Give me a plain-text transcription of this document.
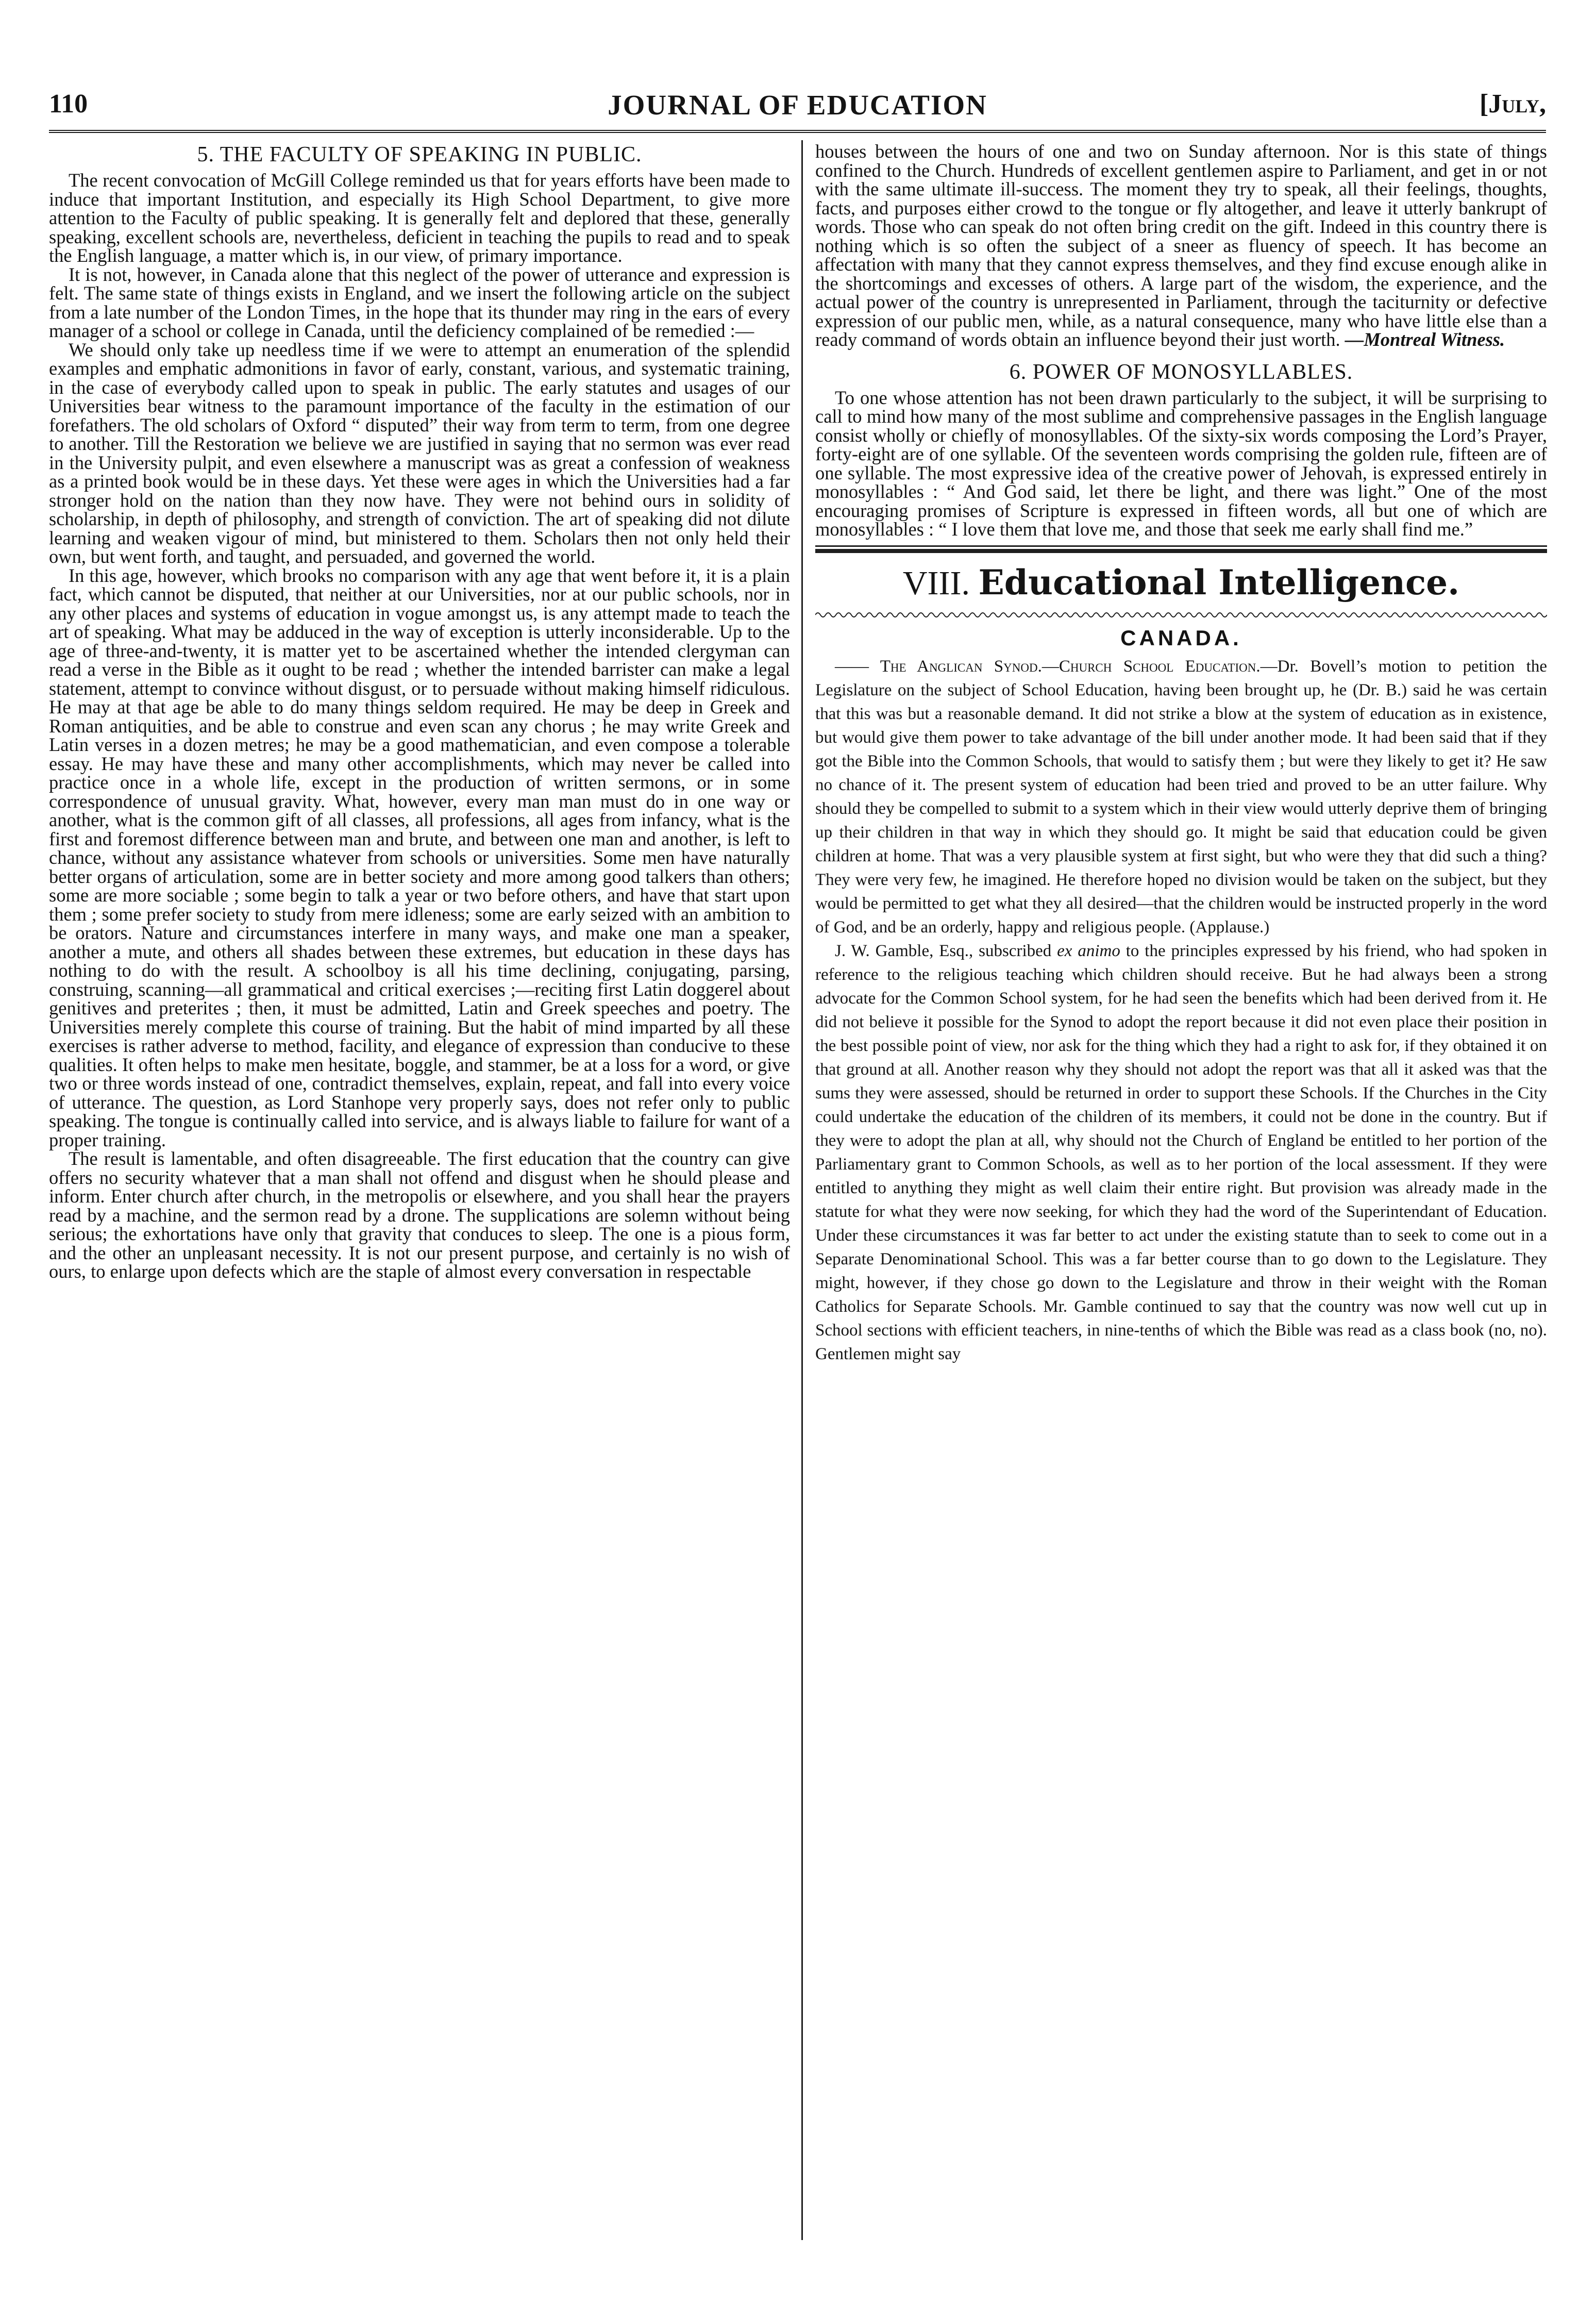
110	JOURNAL OF EDUCATION	[July,
5. THE FACULTY OF SPEAKING IN PUBLIC.

The recent convocation of McGill College reminded us that for years efforts have been made to induce that important Institution, and especially its High School Department, to give more attention to the Faculty of public speaking. It is generally felt and deplored that these, generally speaking, excellent schools are, nevertheless, deficient in teaching the pupils to read and to speak the English language, a matter which is, in our view, of primary importance.

It is not, however, in Canada alone that this neglect of the power of utterance and expression is felt. The same state of things exists in England, and we insert the following article on the subject from a late number of the London Times, in the hope that its thunder may ring in the ears of every manager of a school or college in Canada, until the deficiency complained of be remedied :—

We should only take up needless time if we were to attempt an enumeration of the splendid examples and emphatic admonitions in favor of early, constant, various, and systematic training, in the case of everybody called upon to speak in public. The early statutes and usages of our Universities bear witness to the paramount importance of the faculty in the estimation of our forefathers. The old scholars of Oxford “ disputed” their way from term to term, from one degree to another. Till the Restoration we believe we are justified in saying that no sermon was ever read in the University pulpit, and even elsewhere a manuscript was as great a confession of weakness as a printed book would be in these days. Yet these were ages in which the Universities had a far stronger hold on the nation than they now have. They were not behind ours in solidity of scholarship, in depth of philosophy, and strength of conviction. The art of speaking did not dilute learning and weaken vigour of mind, but ministered to them. Scholars then not only held their own, but went forth, and taught, and persuaded, and governed the world.

In this age, however, which brooks no comparison with any age that went before it, it is a plain fact, which cannot be disputed, that neither at our Universities, nor at our public schools, nor in any other places and systems of education in vogue amongst us, is any attempt made to teach the art of speaking. What may be adduced in the way of exception is utterly inconsiderable. Up to the age of three-and-twenty, it is matter yet to be ascertained whether the intended clergyman can read a verse in the Bible as it ought to be read ; whether the intended barrister can make a legal statement, attempt to convince without disgust, or to persuade without making himself ridiculous. He may at that age be able to do many things seldom required. He may be deep in Greek and Roman antiquities, and be able to construe and even scan any chorus ; he may write Greek and Latin verses in a dozen metres; he may be a good mathematician, and even compose a tolerable essay. He may have these and many other accomplishments, which may never be called into practice once in a whole life, except in the production of written sermons, or in some correspondence of unusual gravity. What, however, every man man must do in one way or another, what is the common gift of all classes, all professions, all ages from infancy, what is the first and foremost difference between man and brute, and between one man and another, is left to chance, without any assistance whatever from schools or universities. Some men have naturally better organs of articulation, some are in better society and more among good talkers than others; some are more sociable ; some begin to talk a year or two before others, and have that start upon them ; some prefer society to study from mere idleness; some are early seized with an ambition to be orators. Nature and circumstances interfere in many ways, and make one man a speaker, another a mute, and others all shades between these extremes, but education in these days has nothing to do with the result. A schoolboy is all his time declining, conjugating, parsing, construing, scanning—all grammatical and critical exercises ;—reciting first Latin doggerel about genitives and preterites ; then, it must be admitted, Latin and Greek speeches and poetry. The Universities merely complete this course of training. But the habit of mind imparted by all these exercises is rather adverse to method, facility, and elegance of expression than conducive to these qualities. It often helps to make men hesitate, boggle, and stammer, be at a loss for a word, or give two or three words instead of one, contradict themselves, explain, repeat, and fall into every voice of utterance. The question, as Lord Stanhope very properly says, does not refer only to public speaking. The tongue is continually called into service, and is always liable to failure for want of a proper training.

The result is lamentable, and often disagreeable. The first education that the country can give offers no security whatever that a man shall not offend and disgust when he should please and inform. Enter church after church, in the metropolis or elsewhere, and you shall hear the prayers read by a machine, and the sermon read by a drone. The supplications are solemn without being serious; the exhortations have only that gravity that conduces to sleep. The one is a pious form, and the other an unpleasant necessity. It is not our present purpose, and certainly is no wish of ours, to enlarge upon defects which are the staple of almost every conversation in respectable

houses between the hours of one and two on Sunday afternoon. Nor is this state of things confined to the Church. Hundreds of excellent gentlemen aspire to Parliament, and get in or not with the same ultimate ill-success. The moment they try to speak, all their feelings, thoughts, facts, and purposes either crowd to the tongue or fly altogether, and leave it utterly bankrupt of words. Those who can speak do not often bring credit on the gift. Indeed in this country there is nothing which is so often the subject of a sneer as fluency of speech. It has become an affectation with many that they cannot express themselves, and they find excuse enough alike in the shortcomings and excesses of others. A large part of the wisdom, the experience, and the actual power of the country is unrepresented in Parliament, through the taciturnity or defective expression of our public men, while, as a natural consequence, many who have little else than a ready command of words obtain an influence beyond their just worth. —Montreal Witness.

6. POWER OF MONOSYLLABLES.

To one whose attention has not been drawn particularly to the subject, it will be surprising to call to mind how many of the most sublime and comprehensive passages in the English language consist wholly or chiefly of monosyllables. Of the sixty-six words composing the Lord’s Prayer, forty-eight are of one syllable. Of the seventeen words comprising the golden rule, fifteen are of one syllable. The most expressive idea of the creative power of Jehovah, is expressed entirely in monosyllables : “ And God said, let there be light, and there was light.” One of the most encouraging promises of Scripture is expressed in fifteen words, all but one of which are monosyllables : “ I love them that love me, and those that seek me early shall find me.”

VIII. Educational Intelligence.
CANADA.

—— The Anglican Synod.—Church School Education.—Dr. Bovell’s motion to petition the Legislature on the subject of School Education, having been brought up, he (Dr. B.) said he was certain that this was but a reasonable demand. It did not strike a blow at the system of education as in existence, but would give them power to take advantage of the bill under another mode. It had been said that if they got the Bible into the Common Schools, that would to satisfy them ; but were they likely to get it? He saw no chance of it. The present system of education had been tried and proved to be an utter failure. Why should they be compelled to submit to a system which in their view would utterly deprive them of bringing up their children in that way in which they should go. It might be said that education could be given children at home. That was a very plausible system at first sight, but who were they that did such a thing? They were very few, he imagined. He therefore hoped no division would be taken on the subject, but they would be permitted to get what they all desired—that the children would be instructed properly in the word of God, and be an orderly, happy and religious people. (Applause.)

J. W. Gamble, Esq., subscribed ex animo to the principles expressed by his friend, who had spoken in reference to the religious teaching which children should receive. But he had always been a strong advocate for the Common School system, for he had seen the benefits which had been derived from it. He did not believe it possible for the Synod to adopt the report because it did not even place their position in the best possible point of view, nor ask for the thing which they had a right to ask for, if they obtained it on that ground at all. Another reason why they should not adopt the report was that all it asked was that the sums they were assessed, should be returned in order to support these Schools. If the Churches in the City could undertake the education of the children of its members, it could not be done in the country. But if they were to adopt the plan at all, why should not the Church of England be entitled to her portion of the Parliamentary grant to Common Schools, as well as to her portion of the local assessment. If they were entitled to anything they might as well claim their entire right. But provision was already made in the statute for what they were now seeking, for which they had the word of the Superintendant of Education. Under these circumstances it was far better to act under the existing statute than to seek to come out in a Separate Denominational School. This was a far better course than to go down to the Legislature. They might, however, if they chose go down to the Legislature and throw in their weight with the Roman Catholics for Separate Schools. Mr. Gamble continued to say that the country was now well cut up in School sections with efficient teachers, in nine-tenths of which the Bible was read as a class book (no, no). Gentlemen might say
